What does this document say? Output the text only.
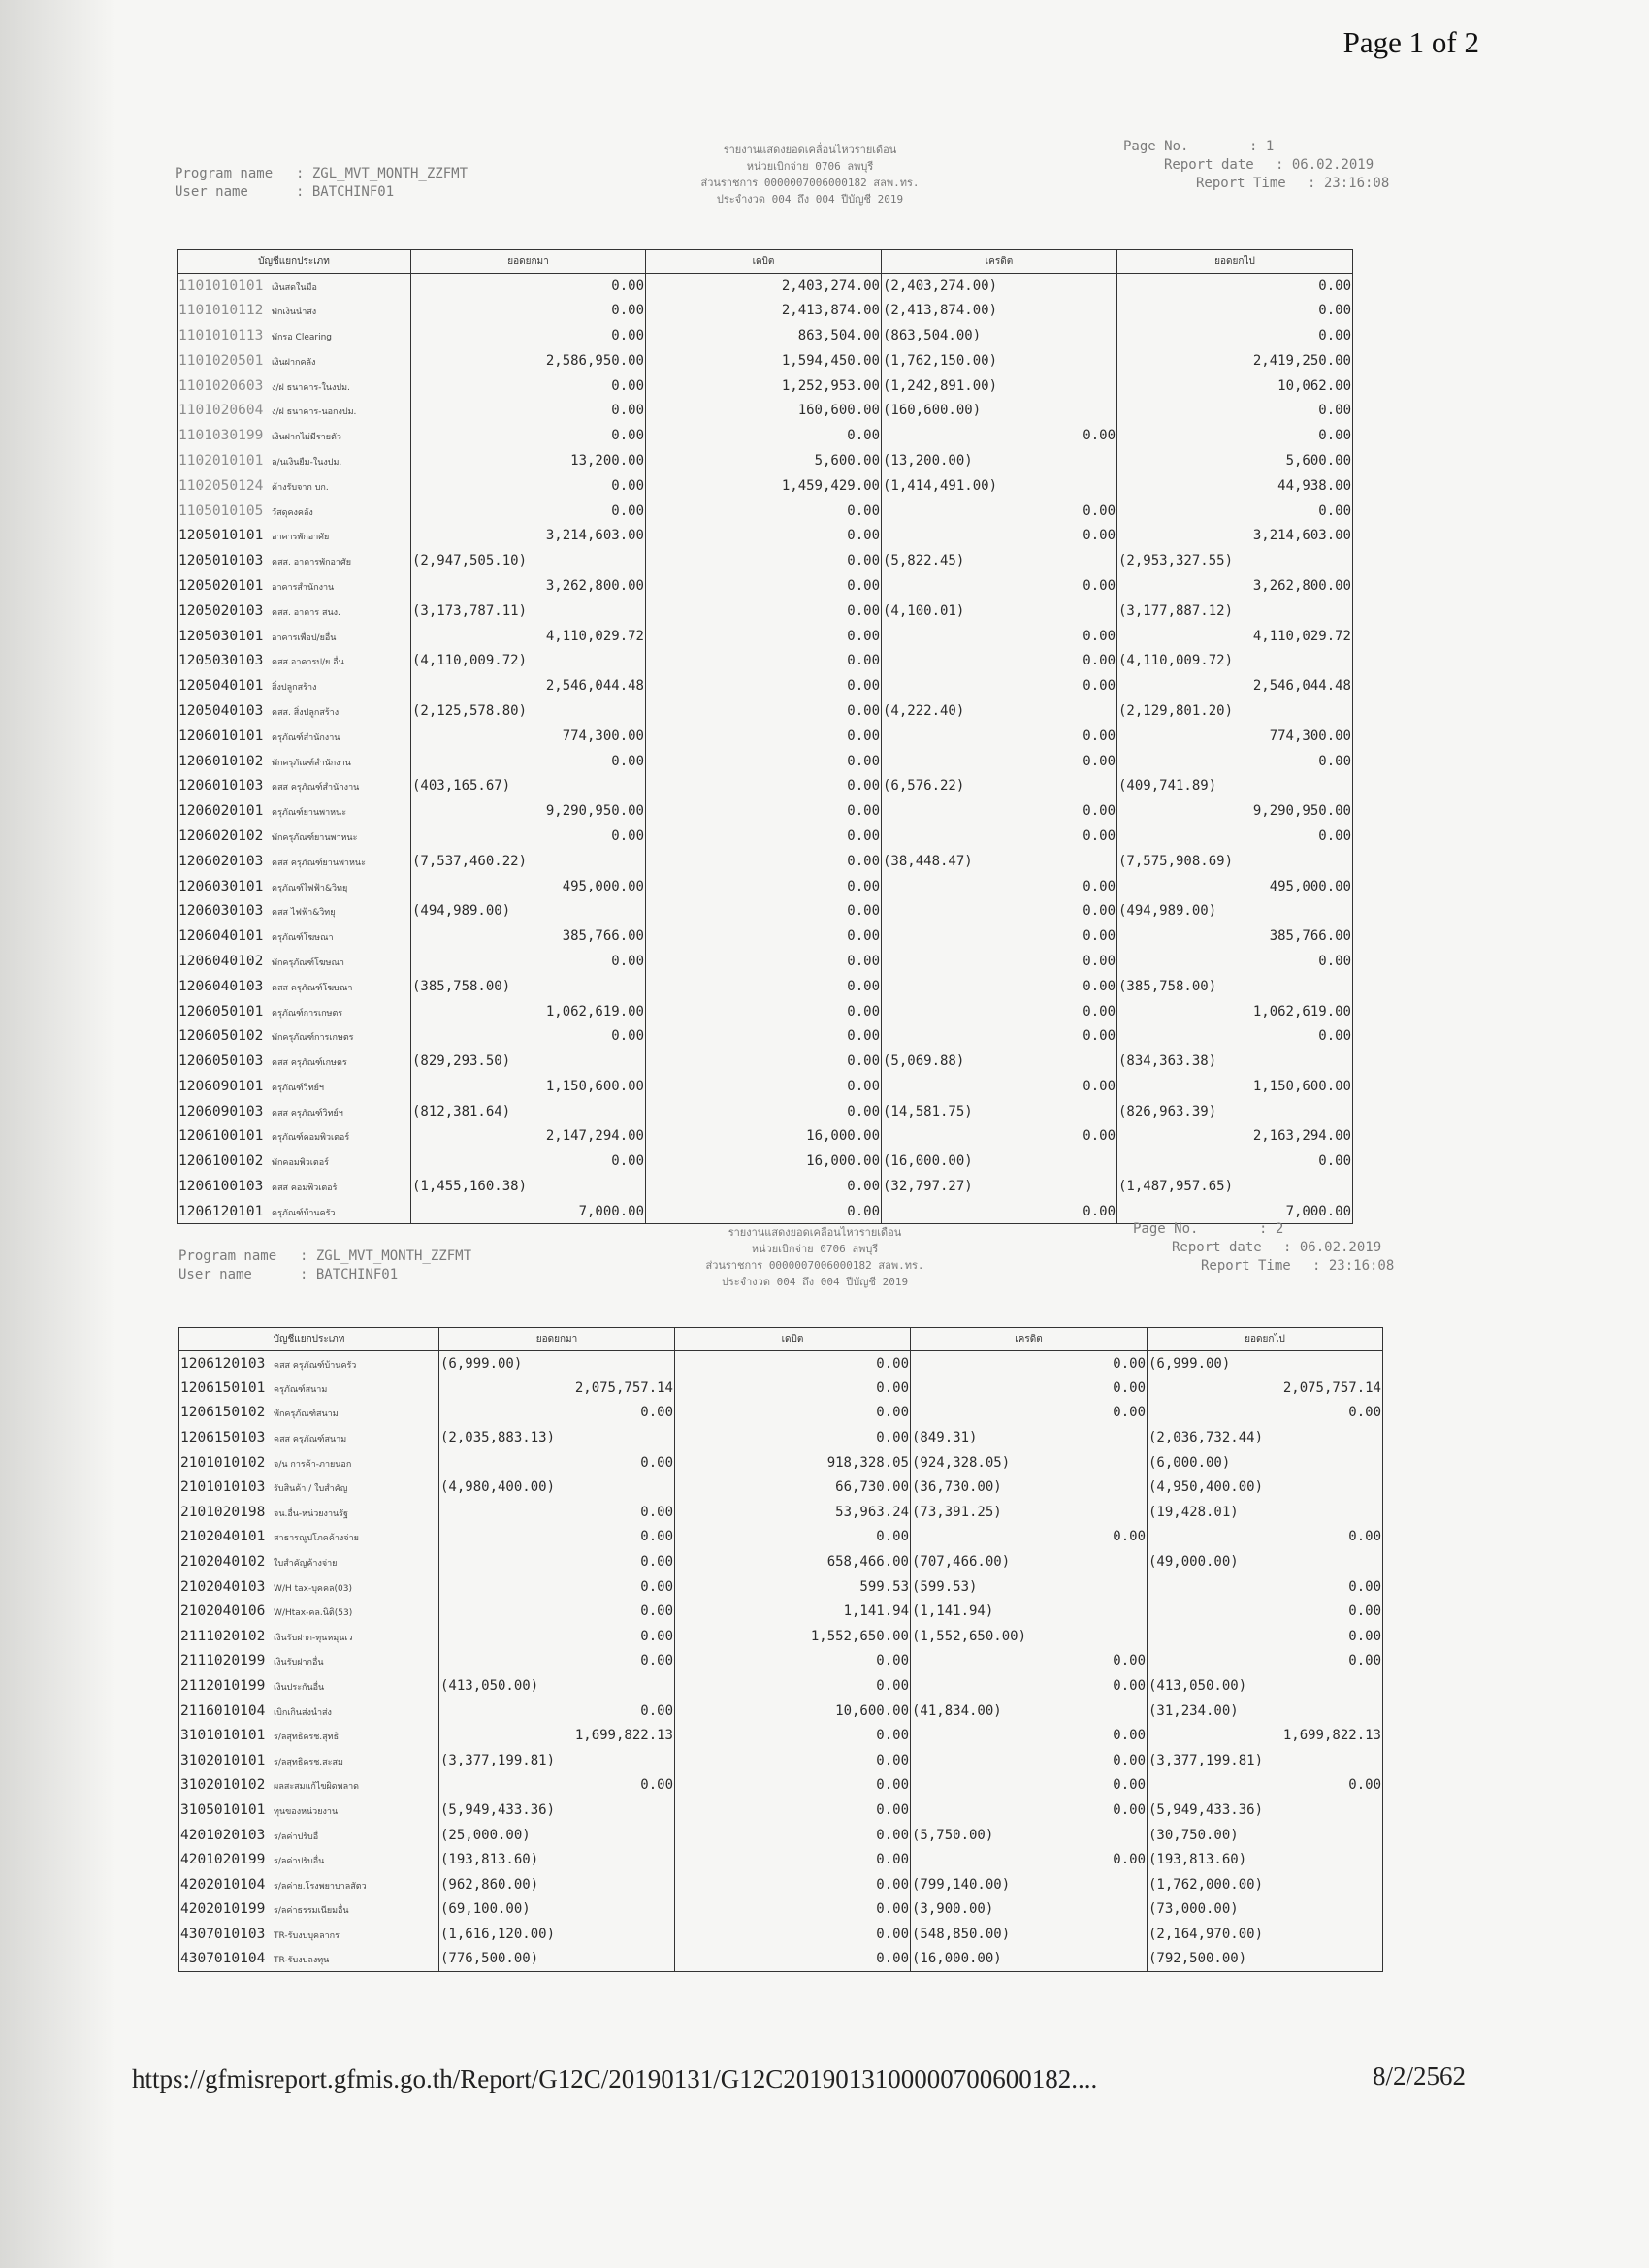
Page 1 of 2
Program name	: ZGL_MVT_MONTH_ZZFMT
User name	: BATCHINF01
รายงานแสดงยอดเคลื่อนไหวรายเดือน
หน่วยเบิกจ่าย 0706 ลพบุรี
ส่วนราชการ 0000007006000182 สลพ.ทร.
ประจำงวด 004 ถึง 004 ปีบัญชี 2019
Page No.	: 1
Report date	: 06.02.2019
Report Time	: 23:16:08
บัญชีแยกประเภท	ยอดยกมา	เดบิต	เครดิต	ยอดยกไป
1101010101 เงินสดในมือ	0.00	2,403,274.00	(2,403,274.00)	0.00
1101010112 พักเงินนำส่ง	0.00	2,413,874.00	(2,413,874.00)	0.00
1101010113 พักรอ Clearing	0.00	863,504.00	(863,504.00)	0.00
1101020501 เงินฝากคลัง	2,586,950.00	1,594,450.00	(1,762,150.00)	2,419,250.00
1101020603 ง/ฝ ธนาคาร-ในงปม.	0.00	1,252,953.00	(1,242,891.00)	10,062.00
1101020604 ง/ฝ ธนาคาร-นอกงปม.	0.00	160,600.00	(160,600.00)	0.00
1101030199 เงินฝากไม่มีรายตัว	0.00	0.00	0.00	0.00
1102010101 ล/นเงินยืม-ในงปม.	13,200.00	5,600.00	(13,200.00)	5,600.00
1102050124 ค้างรับจาก บก.	0.00	1,459,429.00	(1,414,491.00)	44,938.00
1105010105 วัสดุคงคลัง	0.00	0.00	0.00	0.00
1205010101 อาคารพักอาศัย	3,214,603.00	0.00	0.00	3,214,603.00
1205010103 คสส. อาคารพักอาศัย	(2,947,505.10)	0.00	(5,822.45)	(2,953,327.55)
1205020101 อาคารสำนักงาน	3,262,800.00	0.00	0.00	3,262,800.00
1205020103 คสส. อาคาร สนง.	(3,173,787.11)	0.00	(4,100.01)	(3,177,887.12)
1205030101 อาคารเพื่อป/ยอื่น	4,110,029.72	0.00	0.00	4,110,029.72
1205030103 คสส.อาคารป/ย อื่น	(4,110,009.72)	0.00	0.00	(4,110,009.72)
1205040101 สิ่งปลูกสร้าง	2,546,044.48	0.00	0.00	2,546,044.48
1205040103 คสส. สิ่งปลูกสร้าง	(2,125,578.80)	0.00	(4,222.40)	(2,129,801.20)
1206010101 ครุภัณฑ์สำนักงาน	774,300.00	0.00	0.00	774,300.00
1206010102 พักครุภัณฑ์สำนักงาน	0.00	0.00	0.00	0.00
1206010103 คสส ครุภัณฑ์สำนักงาน	(403,165.67)	0.00	(6,576.22)	(409,741.89)
1206020101 ครุภัณฑ์ยานพาหนะ	9,290,950.00	0.00	0.00	9,290,950.00
1206020102 พักครุภัณฑ์ยานพาหนะ	0.00	0.00	0.00	0.00
1206020103 คสส ครุภัณฑ์ยานพาหนะ	(7,537,460.22)	0.00	(38,448.47)	(7,575,908.69)
1206030101 ครุภัณฑ์ไฟฟ้า&วิทยุ	495,000.00	0.00	0.00	495,000.00
1206030103 คสส ไฟฟ้า&วิทยุ	(494,989.00)	0.00	0.00	(494,989.00)
1206040101 ครุภัณฑ์โฆษณา	385,766.00	0.00	0.00	385,766.00
1206040102 พักครุภัณฑ์โฆษณา	0.00	0.00	0.00	0.00
1206040103 คสส ครุภัณฑ์โฆษณา	(385,758.00)	0.00	0.00	(385,758.00)
1206050101 ครุภัณฑ์การเกษตร	1,062,619.00	0.00	0.00	1,062,619.00
1206050102 พักครุภัณฑ์การเกษตร	0.00	0.00	0.00	0.00
1206050103 คสส ครุภัณฑ์เกษตร	(829,293.50)	0.00	(5,069.88)	(834,363.38)
1206090101 ครุภัณฑ์วิทย์ฯ	1,150,600.00	0.00	0.00	1,150,600.00
1206090103 คสส ครุภัณฑ์วิทย์ฯ	(812,381.64)	0.00	(14,581.75)	(826,963.39)
1206100101 ครุภัณฑ์คอมพิวเตอร์	2,147,294.00	16,000.00	0.00	2,163,294.00
1206100102 พักคอมพิวเตอร์	0.00	16,000.00	(16,000.00)	0.00
1206100103 คสส คอมพิวเตอร์	(1,455,160.38)	0.00	(32,797.27)	(1,487,957.65)
1206120101 ครุภัณฑ์บ้านครัว	7,000.00	0.00	0.00	7,000.00
Program name	: ZGL_MVT_MONTH_ZZFMT
User name	: BATCHINF01
รายงานแสดงยอดเคลื่อนไหวรายเดือน
หน่วยเบิกจ่าย 0706 ลพบุรี
ส่วนราชการ 0000007006000182 สลพ.ทร.
ประจำงวด 004 ถึง 004 ปีบัญชี 2019
Page No.	: 2
Report date	: 06.02.2019
Report Time	: 23:16:08
บัญชีแยกประเภท	ยอดยกมา	เดบิต	เครดิต	ยอดยกไป
1206120103 คสส ครุภัณฑ์บ้านครัว	(6,999.00)	0.00	0.00	(6,999.00)
1206150101 ครุภัณฑ์สนาม	2,075,757.14	0.00	0.00	2,075,757.14
1206150102 พักครุภัณฑ์สนาม	0.00	0.00	0.00	0.00
1206150103 คสส ครุภัณฑ์สนาม	(2,035,883.13)	0.00	(849.31)	(2,036,732.44)
2101010102 จ/น การค้า-ภายนอก	0.00	918,328.05	(924,328.05)	(6,000.00)
2101010103 รับสินค้า / ใบสำคัญ	(4,980,400.00)	66,730.00	(36,730.00)	(4,950,400.00)
2101020198 จน.อื่น-หน่วยงานรัฐ	0.00	53,963.24	(73,391.25)	(19,428.01)
2102040101 สาธารณูปโภคค้างจ่าย	0.00	0.00	0.00	0.00
2102040102 ใบสำคัญค้างจ่าย	0.00	658,466.00	(707,466.00)	(49,000.00)
2102040103 W/H tax-บุคคล(03)	0.00	599.53	(599.53)	0.00
2102040106 W/Htax-คล.นิติ(53)	0.00	1,141.94	(1,141.94)	0.00
2111020102 เงินรับฝาก-ทุนหมุนเว	0.00	1,552,650.00	(1,552,650.00)	0.00
2111020199 เงินรับฝากอื่น	0.00	0.00	0.00	0.00
2112010199 เงินประกันอื่น	(413,050.00)	0.00	0.00	(413,050.00)
2116010104 เบิกเกินส่งนำส่ง	0.00	10,600.00	(41,834.00)	(31,234.00)
3101010101 ร/ลสุทธิครช.สุทธิ	1,699,822.13	0.00	0.00	1,699,822.13
3102010101 ร/ลสุทธิครช.สะสม	(3,377,199.81)	0.00	0.00	(3,377,199.81)
3102010102 ผลสะสมแก้ไขผิดพลาด	0.00	0.00	0.00	0.00
3105010101 ทุนของหน่วยงาน	(5,949,433.36)	0.00	0.00	(5,949,433.36)
4201020103 ร/ลค่าปรับอื่	(25,000.00)	0.00	(5,750.00)	(30,750.00)
4201020199 ร/ลค่าปรับอื่น	(193,813.60)	0.00	0.00	(193,813.60)
4202010104 ร/ลค่าย.โรงพยาบาลสัตว	(962,860.00)	0.00	(799,140.00)	(1,762,000.00)
4202010199 ร/ลค่าธรรมเนียมอื่น	(69,100.00)	0.00	(3,900.00)	(73,000.00)
4307010103 TR-รับงบบุคลากร	(1,616,120.00)	0.00	(548,850.00)	(2,164,970.00)
4307010104 TR-รับงบลงทุน	(776,500.00)	0.00	(16,000.00)	(792,500.00)
https://gfmisreport.gfmis.go.th/Report/G12C/20190131/G12C2019013100000700600182....	8/2/2562
